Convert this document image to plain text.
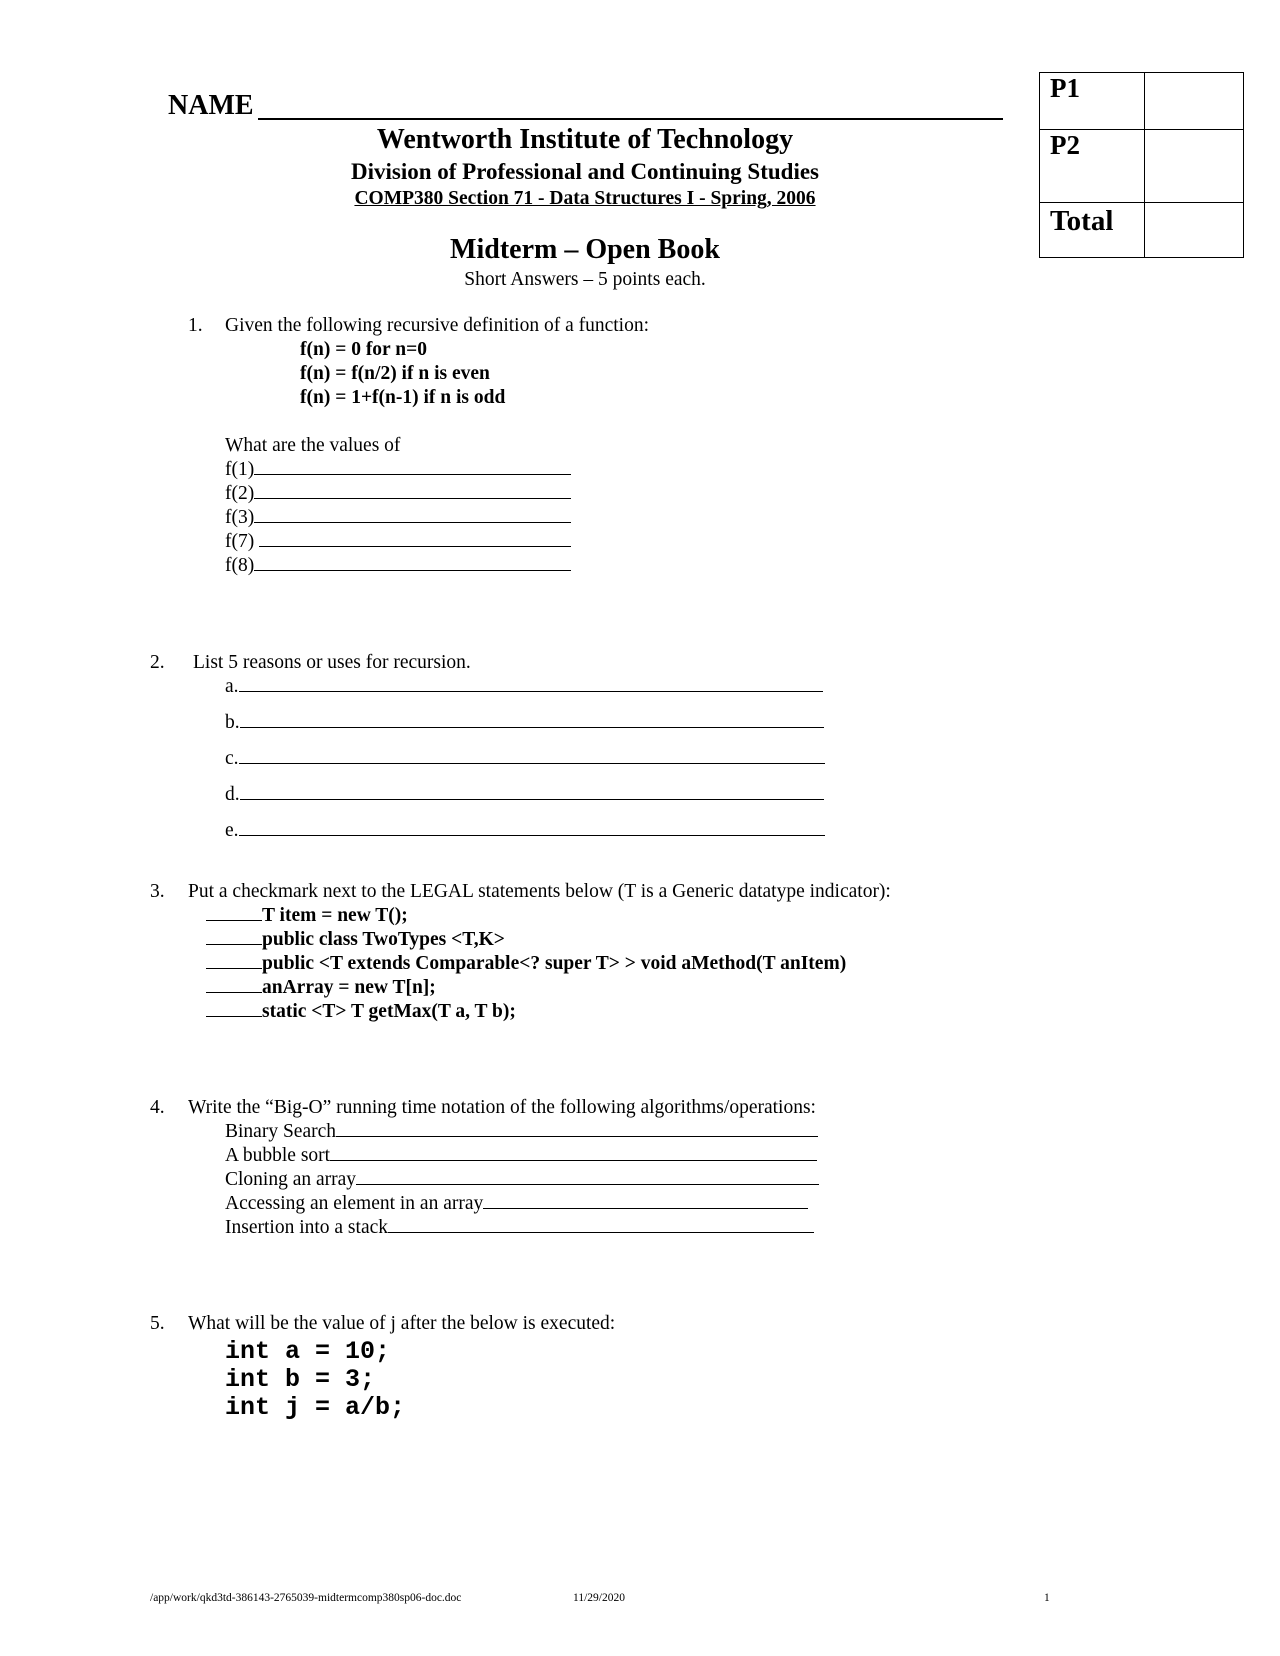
NAME
P1	
P2	
Total	
Wentworth Institute of Technology
Division of Professional and Continuing Studies
COMP380 Section 71 - Data Structures I - Spring, 2006
Midterm – Open Book
Short Answers – 5 points each.
1. Given the following recursive definition of a function:
f(n) = 0 for n=0
f(n) = f(n/2) if n is even
f(n) = 1+f(n-1) if n is odd
What are the values of
f(1)
f(2)
f(3)
f(7)
f(8)
2. List 5 reasons or uses for recursion.
a.
b.
c.
d.
e.
3. Put a checkmark next to the LEGAL statements below (T is a Generic datatype indicator):
T item = new T();
public class TwoTypes <T,K>
public <T extends Comparable<? super T> > void aMethod(T anItem)
anArray = new T[n];
static <T> T getMax(T a, T b);
4. Write the “Big-O” running time notation of the following algorithms/operations:
Binary Search
A bubble sort
Cloning an array
Accessing an element in an array
Insertion into a stack
5. What will be the value of j after the below is executed:
int a = 10;
int b = 3;
int j = a/b;
/app/work/qkd3td-386143-2765039-midtermcomp380sp06-doc.doc	11/29/2020	1
